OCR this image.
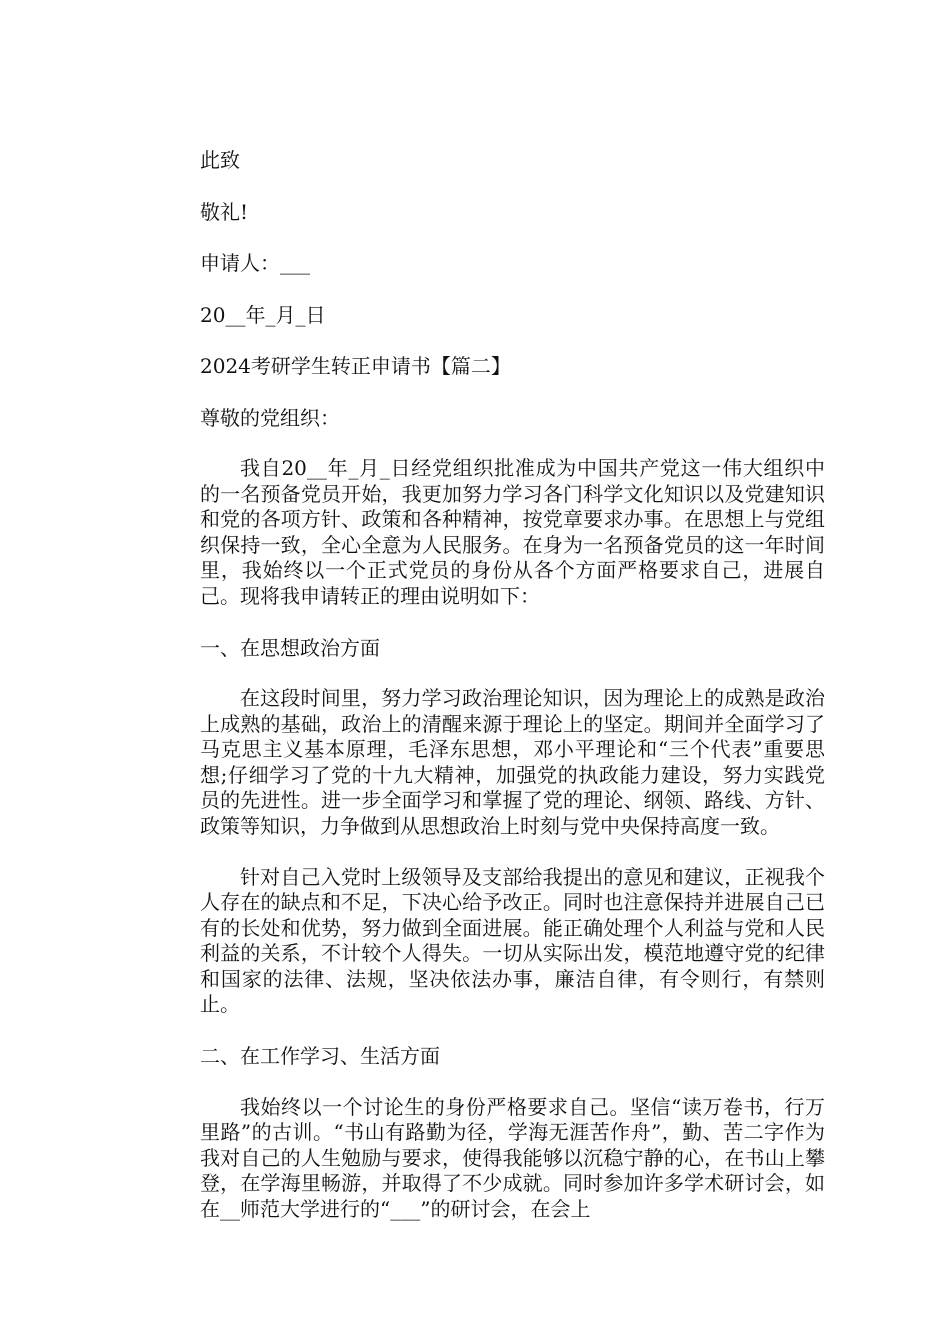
此致
敬礼!
申请人：___
20__年_月_日
2024考研学生转正申请书【篇二】
尊敬的党组织：

我自20__年_月_日经党组织批准成为中国共产党这一伟大组织中的一名预备党员开始，我更加努力学习各门科学文化知识以及党建知识和党的各项方针、政策和各种精神，按党章要求办事。在思想上与党组织保持一致，全心全意为人民服务。在身为一名预备党员的这一年时间里，我始终以一个正式党员的身份从各个方面严格要求自己，进展自己。现将我申请转正的理由说明如下：

一、在思想政治方面

在这段时间里，努力学习政治理论知识，因为理论上的成熟是政治上成熟的基础，政治上的清醒来源于理论上的坚定。期间并全面学习了马克思主义基本原理，毛泽东思想，邓小平理论和“三个代表”重要思想;仔细学习了党的十九大精神，加强党的执政能力建设，努力实践党员的先进性。进一步全面学习和掌握了党的理论、纲领、路线、方针、政策等知识，力争做到从思想政治上时刻与党中央保持高度一致。

针对自己入党时上级领导及支部给我提出的意见和建议，正视我个人存在的缺点和不足，下决心给予改正。同时也注意保持并进展自己已有的长处和优势，努力做到全面进展。能正确处理个人利益与党和人民利益的关系，不计较个人得失。一切从实际出发，模范地遵守党的纪律和国家的法律、法规，坚决依法办事，廉洁自律，有令则行，有禁则止。

二、在工作学习、生活方面

我始终以一个讨论生的身份严格要求自己。坚信“读万卷书，行万里路”的古训。“书山有路勤为径，学海无涯苦作舟”，勤、苦二字作为我对自己的人生勉励与要求，使得我能够以沉稳宁静的心，在书山上攀登，在学海里畅游，并取得了不少成就。同时参加许多学术研讨会，如在__师范大学进行的“___”的研讨会，在会上
